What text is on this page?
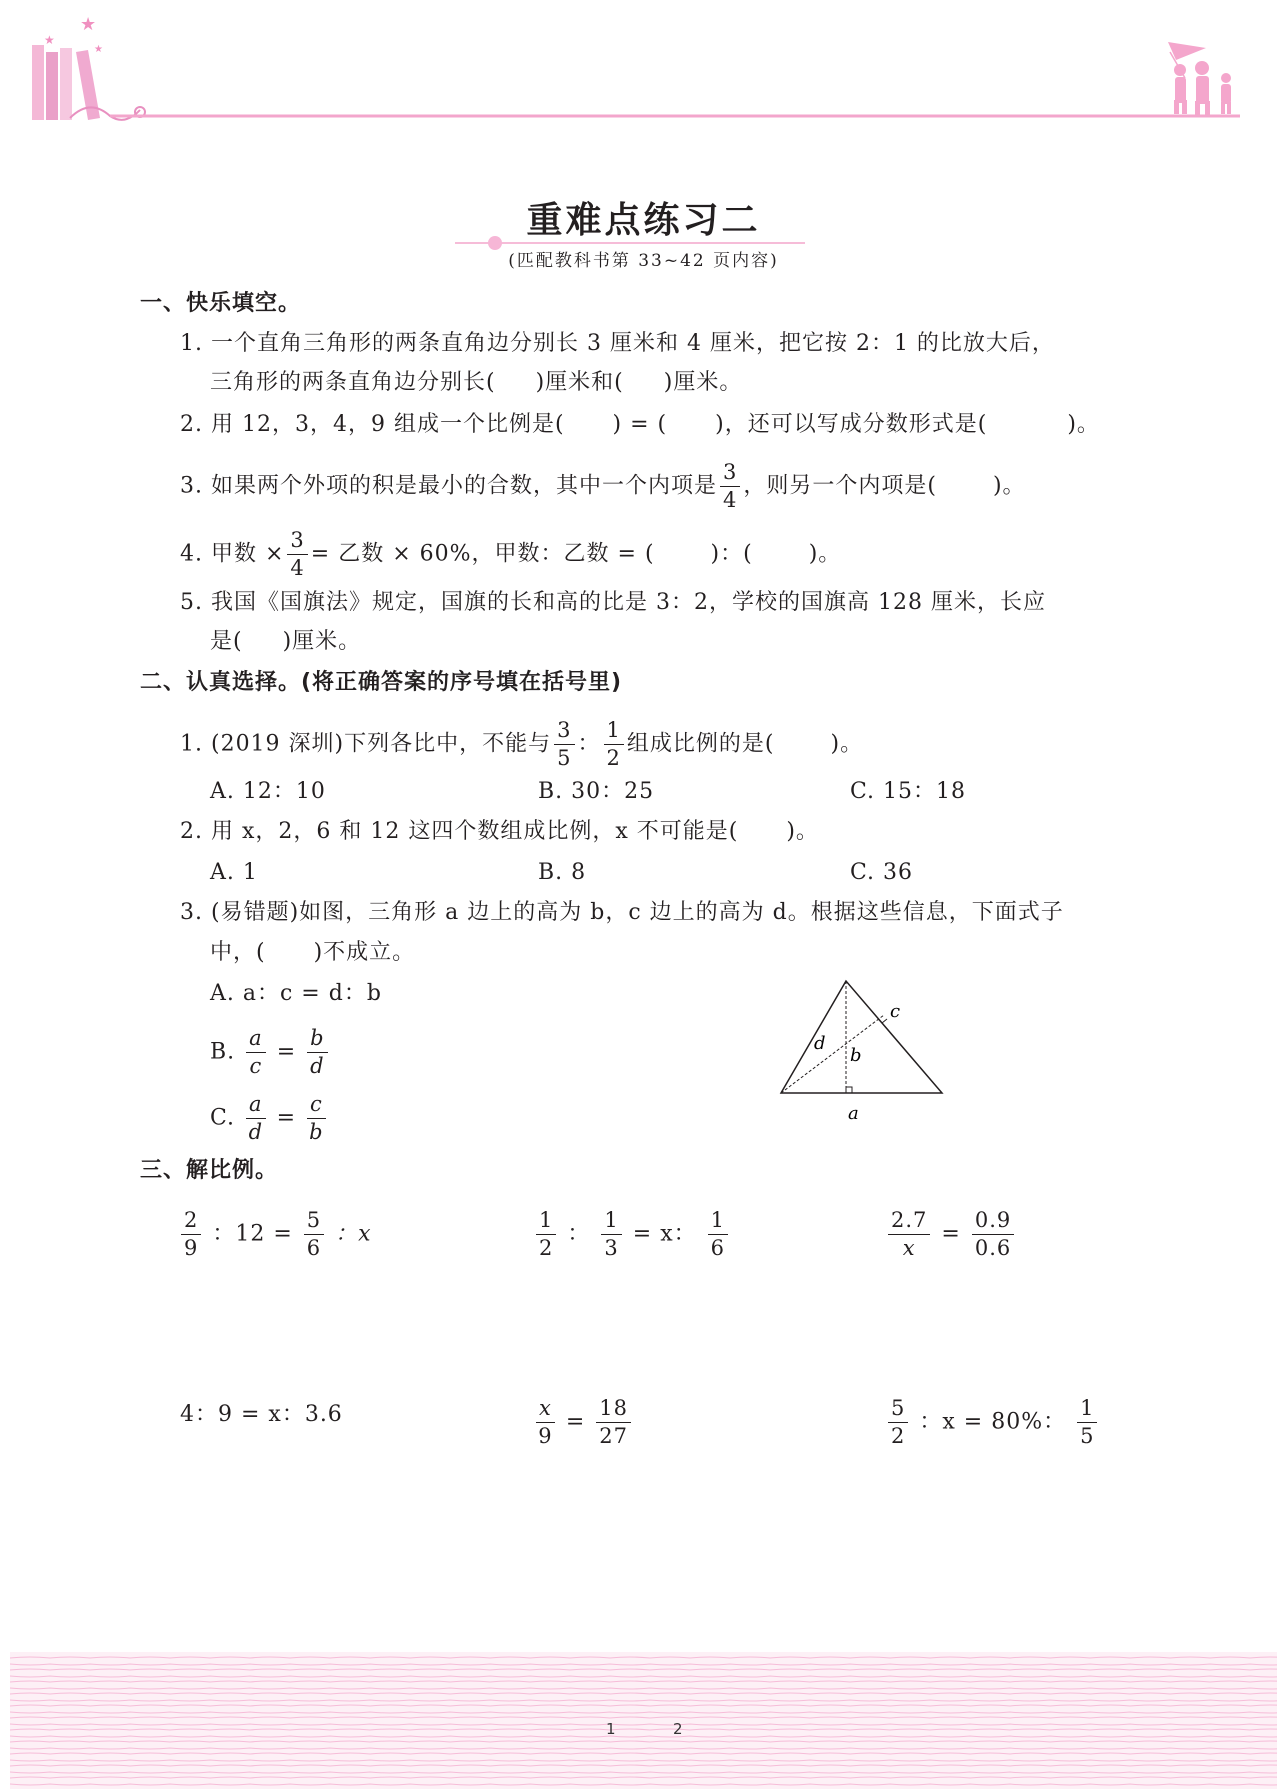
★
★
★
重难点练习二
(匹配教科书第 33~42 页内容)
一、快乐填空。
1. 一个直角三角形的两条直角边分别长 3 厘米和 4 厘米，把它按 2：1 的比放大后，
三角形的两条直角边分别长( )厘米和( )厘米。
2. 用 12，3，4，9 组成一个比例是( ) = ( )，还可以写成分数形式是(	)。
3. 如果两个外项的积是最小的合数，其中一个内项是 $\frac{3}{4}$ ，则另一个内项是(	)。
4. 甲数 × $\frac{3}{4}$ = 乙数 × 60%，甲数：乙数 = (	)：(	)。
5. 我国《国旗法》规定，国旗的长和高的比是 3：2，学校的国旗高 128 厘米，长应
是( )厘米。
二、认真选择。(将正确答案的序号填在括号里)
1. (2019 深圳)下列各比中，不能与 $\frac{3}{5}$ ： $\frac{1}{2}$ 组成比例的是(	)。
A. 12：10	B. 30：25	C. 15：18
2. 用 x，2，6 和 12 这四个数组成比例，x 不可能是( )。
A. 1	B. 8	C. 36
3. (易错题)如图，三角形 a 边上的高为 b，c 边上的高为 d。根据这些信息，下面式子
中，( )不成立。
A. a：c = d：b
B. $\frac{a}{c} = \frac{b}{d}$
C. $\frac{a}{d} = \frac{c}{b}$	a
b
c
d
三、解比例。
$\frac{2}{9}$ ：$12 = \frac{5}{6}$ ：x	$\frac{1}{2}$ ： $\frac{1}{3} = x$： $\frac{1}{6}$	$\frac{2.7}{x} = \frac{0.9}{0.6}$
4：9 = x：3.6	$\frac{x}{9} = \frac{18}{27}$	$\frac{5}{2}$ ：x = 80%： $\frac{1}{5}$
1	2
